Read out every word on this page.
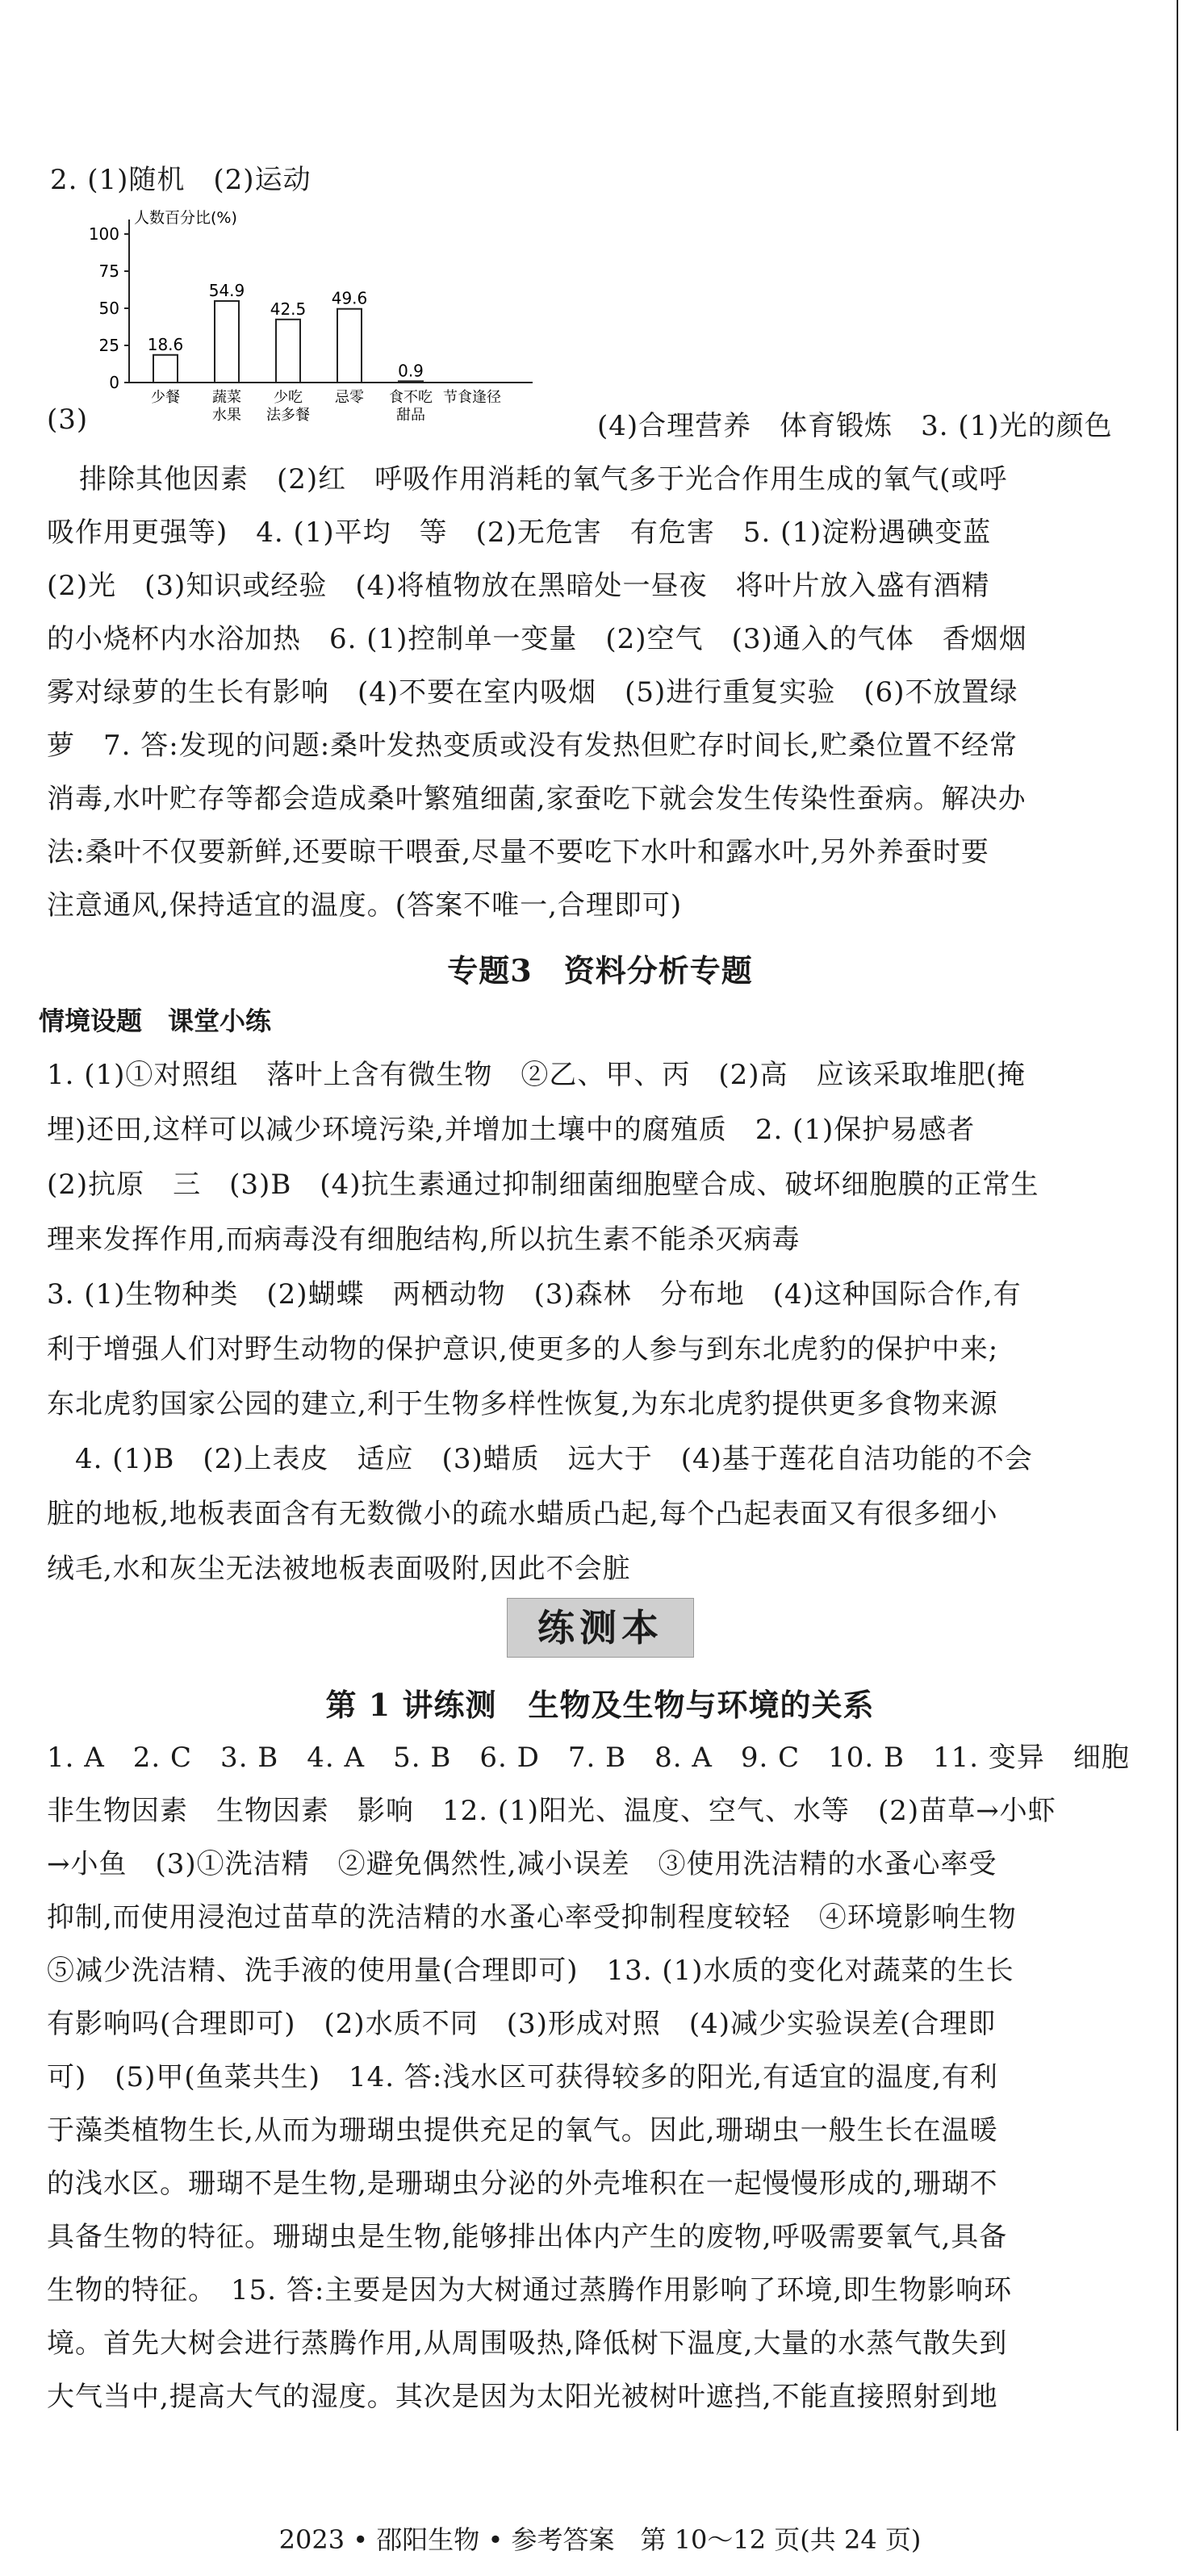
2. (1)随机　(2)运动
(3)	(4)合理营养　体育锻炼　3. (1)光的颜色
排除其他因素　(2)红　呼吸作用消耗的氧气多于光合作用生成的氧气(或呼
吸作用更强等)　4. (1)平均　等　(2)无危害　有危害　5. (1)淀粉遇碘变蓝
(2)光　(3)知识或经验　(4)将植物放在黑暗处一昼夜　将叶片放入盛有酒精
的小烧杯内水浴加热　6. (1)控制单一变量　(2)空气　(3)通入的气体　香烟烟
雾对绿萝的生长有影响　(4)不要在室内吸烟　(5)进行重复实验　(6)不放置绿
萝　7. 答:发现的问题:桑叶发热变质或没有发热但贮存时间长,贮桑位置不经常
消毒,水叶贮存等都会造成桑叶繁殖细菌,家蚕吃下就会发生传染性蚕病。解决办
法:桑叶不仅要新鲜,还要晾干喂蚕,尽量不要吃下水叶和露水叶,另外养蚕时要
注意通风,保持适宜的温度。(答案不唯一,合理即可)
人数百分比(%)
0
25
50
75
100
18.6
少餐
54.9
蔬菜
水果
42.5
少吃
法多餐
49.6
忌零
0.9
食不吃
甜品
节食逢径
专题3　资料分析专题
情境设题　课堂小练
1. (1)①对照组　落叶上含有微生物　②乙、甲、丙　(2)高　应该采取堆肥(掩
埋)还田,这样可以减少环境污染,并增加土壤中的腐殖质　2. (1)保护易感者
(2)抗原　三　(3)B　(4)抗生素通过抑制细菌细胞壁合成、破坏细胞膜的正常生
理来发挥作用,而病毒没有细胞结构,所以抗生素不能杀灭病毒
3. (1)生物种类　(2)蝴蝶　两栖动物　(3)森林　分布地　(4)这种国际合作,有
利于增强人们对野生动物的保护意识,使更多的人参与到东北虎豹的保护中来;
东北虎豹国家公园的建立,利于生物多样性恢复,为东北虎豹提供更多食物来源
　4. (1)B　(2)上表皮　适应　(3)蜡质　远大于　(4)基于莲花自洁功能的不会
脏的地板,地板表面含有无数微小的疏水蜡质凸起,每个凸起表面又有很多细小
绒毛,水和灰尘无法被地板表面吸附,因此不会脏
练测本
第 1 讲练测　生物及生物与环境的关系
1. A　2. C　3. B　4. A　5. B　6. D　7. B　8. A　9. C　10. B　11. 变异　细胞
非生物因素　生物因素　影响　12. (1)阳光、温度、空气、水等　(2)苗草→小虾
→小鱼　(3)①洗洁精　②避免偶然性,减小误差　③使用洗洁精的水蚤心率受
抑制,而使用浸泡过苗草的洗洁精的水蚤心率受抑制程度较轻　④环境影响生物
⑤减少洗洁精、洗手液的使用量(合理即可)　13. (1)水质的变化对蔬菜的生长
有影响吗(合理即可)　(2)水质不同　(3)形成对照　(4)减少实验误差(合理即
可)　(5)甲(鱼菜共生)　14. 答:浅水区可获得较多的阳光,有适宜的温度,有利
于藻类植物生长,从而为珊瑚虫提供充足的氧气。因此,珊瑚虫一般生长在温暖
的浅水区。珊瑚不是生物,是珊瑚虫分泌的外壳堆积在一起慢慢形成的,珊瑚不
具备生物的特征。珊瑚虫是生物,能够排出体内产生的废物,呼吸需要氧气,具备
生物的特征。　15. 答:主要是因为大树通过蒸腾作用影响了环境,即生物影响环
境。首先大树会进行蒸腾作用,从周围吸热,降低树下温度,大量的水蒸气散失到
大气当中,提高大气的湿度。其次是因为太阳光被树叶遮挡,不能直接照射到地
2023 • 邵阳生物 • 参考答案　第 10～12 页(共 24 页)
